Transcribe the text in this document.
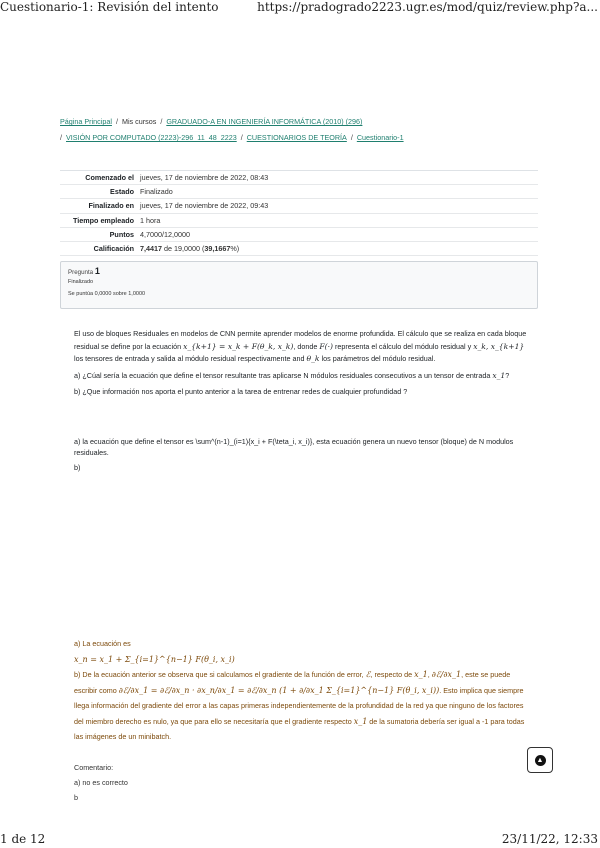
Cuestionario-1: Revisión del intento	https://pradogrado2223.ugr.es/mod/quiz/review.php?a...
Página Principal / Mis cursos / GRADUADO-A EN INGENIERÍA INFORMÁTICA (2010) (296)
/ VISIÓN POR COMPUTADO (2223)-296_11_48_2223 / CUESTIONARIOS DE TEORÍA / Cuestionario-1
Comenzado el jueves, 17 de noviembre de 2022, 08:43
Estado Finalizado
Finalizado en jueves, 17 de noviembre de 2022, 09:43
Tiempo empleado 1 hora
Puntos 4,7000/12,0000
Calificación 7,4417 de 19,0000 (39,1667%)
Pregunta 1
Finalizado
Se puntúa 0,0000 sobre 1,0000

El uso de bloques Residuales en modelos de CNN permite aprender modelos de enorme profundida. El cálculo que se realiza en cada bloque residual se define por la ecuación x_{k+1} = x_k + F(θ_k, x_k), donde F(·) representa el cálculo del módulo residual y x_k, x_{k+1} los tensores de entrada y salida al módulo residual respectivamente and θ_k los parámetros del módulo residual.

a) ¿Cúal sería la ecuación que define el tensor resultante tras aplicarse N módulos residuales consecutivos a un tensor de entrada x_1?

b) ¿Que información nos aporta el punto anterior a la tarea de entrenar redes de cualquier profundidad ?

a) la ecuación que define el tensor es \sum^(n-1)_(i=1){x_i + F(\teta_i, x_i)}, esta ecuación genera un nuevo tensor (bloque) de N modulos residuales.

b)

a) La ecuación es

x_n = x_1 + Σ_{i=1}^{n−1} F(θ_i, x_i)

b) De la ecuación anterior se observa que si calculamos el gradiente de la función de error, ℰ, respecto de x_1, ∂ℰ/∂x_1, este se puede escribir como ∂ℰ/∂x_1 = ∂ℰ/∂x_n · ∂x_n/∂x_1 = ∂ℰ/∂x_n (1 + ∂/∂x_1 Σ_{i=1}^{n−1} F(θ_i, x_i)). Esto implica que siempre llega información del gradiente del error a las capas primeras independientemente de la profundidad de la red ya que ninguno de los factores del miembro derecho es nulo, ya que para ello se necesitaría que el gradiente respecto x_1 de la sumatoria debería ser igual a -1 para todas las imágenes de un minibatch.

Comentario:
a) no es correcto
b
▲
1 de 12	23/11/22, 12:33
